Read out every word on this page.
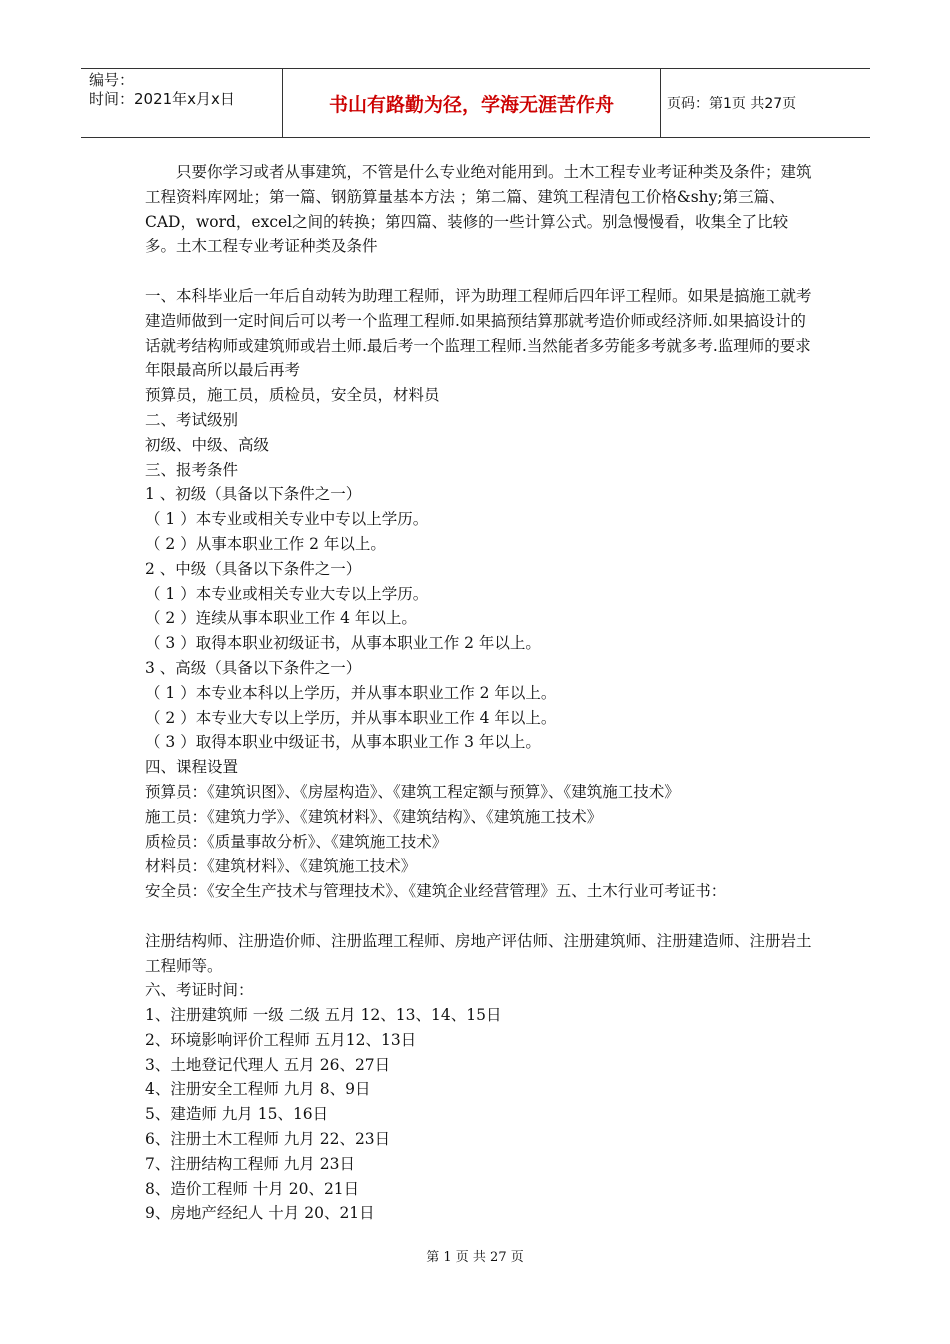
编号：
时间：2021年x月x日	书山有路勤为径，学海无涯苦作舟	页码：第1页 共27页

只要你学习或者从事建筑，不管是什么专业绝对能用到。土木工程专业考证种类及条件；建筑工程资料库网址；第一篇、钢筋算量基本方法 ；第二篇、建筑工程清包工价格&shy;第三篇、CAD，word，excel之间的转换；第四篇、装修的一些计算公式。别急慢慢看，收集全了比较多。土木工程专业考证种类及条件

一、本科毕业后一年后自动转为助理工程师，评为助理工程师后四年评工程师。如果是搞施工就考建造师做到一定时间后可以考一个监理工程师.如果搞预结算那就考造价师或经济师.如果搞设计的话就考结构师或建筑师或岩土师.最后考一个监理工程师.当然能者多劳能多考就多考.监理师的要求年限最高所以最后再考

预算员，施工员，质检员，安全员，材料员
二、考试级别
初级、中级、高级
三、报考条件
1 、初级（具备以下条件之一）
（ 1 ）本专业或相关专业中专以上学历。
（ 2 ）从事本职业工作 2 年以上。
2 、中级（具备以下条件之一）
（ 1 ）本专业或相关专业大专以上学历。
（ 2 ）连续从事本职业工作 4 年以上。
（ 3 ）取得本职业初级证书，从事本职业工作 2 年以上。
3 、高级（具备以下条件之一）
（ 1 ）本专业本科以上学历，并从事本职业工作 2 年以上。
（ 2 ）本专业大专以上学历，并从事本职业工作 4 年以上。
（ 3 ）取得本职业中级证书，从事本职业工作 3 年以上。
四、课程设置
预算员：《建筑识图》、《房屋构造》、《建筑工程定额与预算》、《建筑施工技术》
施工员：《建筑力学》、《建筑材料》、《建筑结构》、《建筑施工技术》
质检员：《质量事故分析》、《建筑施工技术》
材料员：《建筑材料》、《建筑施工技术》
安全员：《安全生产技术与管理技术》、《建筑企业经营管理》五、土木行业可考证书：

注册结构师、注册造价师、注册监理工程师、房地产评估师、注册建筑师、注册建造师、注册岩土工程师等。

六、考证时间：
1、注册建筑师 一级 二级 五月 12、13、14、15日
2、环境影响评价工程师 五月12、13日
3、土地登记代理人 五月 26、27日
4、注册安全工程师 九月 8、9日
5、建造师 九月 15、16日
6、注册土木工程师 九月 22、23日
7、注册结构工程师 九月 23日
8、造价工程师 十月 20、21日
9、房地产经纪人 十月 20、21日
第 1 页 共 27 页
